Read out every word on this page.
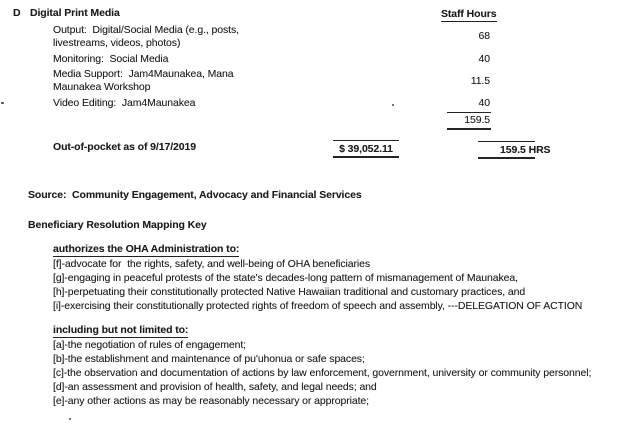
D Digital Print Media	Staff Hours
Output:  Digital/Social Media (e.g., posts,
livestreams, videos, photos)
68
Monitoring:  Social Media	40
Media Support:  Jam4Maunakea, Mana
Maunakea Workshop	11.5
Video Editing:  Jam4Maunakea	40
159.5
Out-of-pocket as of 9/17/2019	$ 39,052.11	159.5 HRS
Source:  Community Engagement, Advocacy and Financial Services
Beneficiary Resolution Mapping Key
authorizes the OHA Administration to:
[f]-advocate for  the rights, safety, and well-being of OHA beneficiaries
[g]-engaging in peaceful protests of the state's decades-long pattern of mismanagement of Maunakea,
[h]-perpetuating their constitutionally protected Native Hawaiian traditional and customary practices, and
[i]-exercising their constitutionally protected rights of freedom of speech and assembly, ---DELEGATION OF ACTION
including but not limited to:
[a]-the negotiation of rules of engagement;
[b]-the establishment and maintenance of pu'uhonua or safe spaces;
[c]-the observation and documentation of actions by law enforcement, government, university or community personnel;
[d]-an assessment and provision of health, safety, and legal needs; and
[e]-any other actions as may be reasonably necessary or appropriate;
